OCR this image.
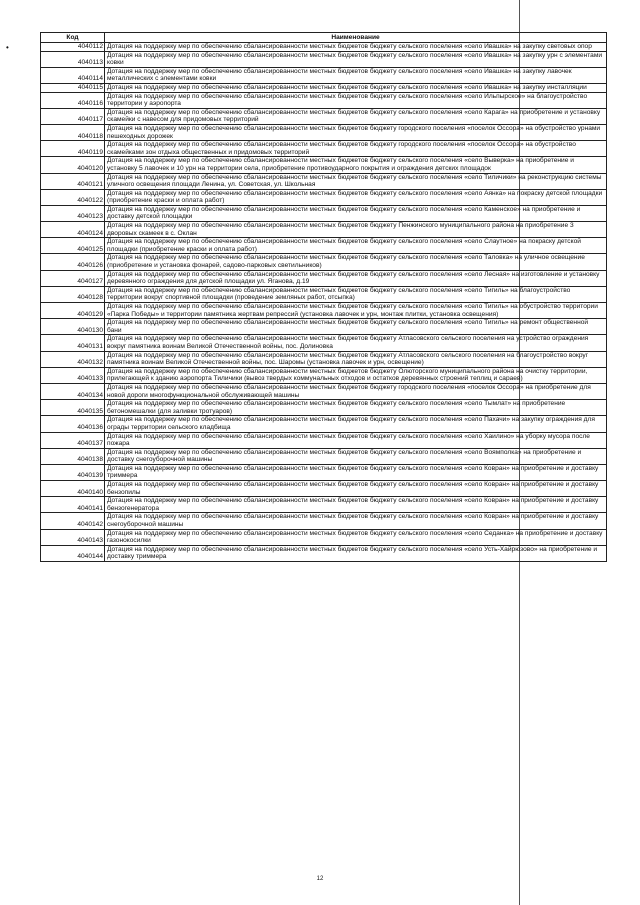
•
Код	Наименование
4040112	Дотация на поддержку мер по обеспечению сбалансированности местных бюджетов бюджету сельского поселения «село Ивашка» на закупку световых опор
4040113	Дотация на поддержку мер по обеспечению сбалансированности местных бюджетов бюджету сельского поселения «село Ивашка» на закупку урн с элементами ковки
4040114	Дотация на поддержку мер по обеспечению сбалансированности местных бюджетов бюджету сельского поселения «село Ивашка» на закупку лавочек металлических с элементами ковки
4040115	Дотация на поддержку мер по обеспечению сбалансированности местных бюджетов бюджету сельского поселения «село Ивашка» на закупку инсталляции
4040116	Дотация на поддержку мер по обеспечению сбалансированности местных бюджетов бюджету сельского поселения «село Ильпырское» на благоустройство территории у аэропорта
4040117	Дотация на поддержку мер по обеспечению сбалансированности местных бюджетов бюджету сельского поселения «село Карага» на приобретение и установку скамейки с навесом для придомовых территорий
4040118	Дотация на поддержку мер по обеспечению сбалансированности местных бюджетов бюджету городского поселения «поселок Оссора» на обустройство урнами пешеходных дорожек
4040119	Дотация на поддержку мер по обеспечению сбалансированности местных бюджетов бюджету городского поселения «поселок Оссора» на обустройство скамейками зон отдыха общественных и придомовых территорий
4040120	Дотация на поддержку мер по обеспечению сбалансированности местных бюджетов бюджету сельского поселения «село Выверка» на приобретение и установку 5 лавочек и 10 урн на территории села, приобретение противоударного покрытия и ограждения детских площадок
4040121	Дотация на поддержку мер по обеспечению сбалансированности местных бюджетов бюджету сельского поселения «село Тиличики» на реконструкцию системы уличного освещения площади Ленина, ул. Советская, ул. Школьная
4040122	Дотация на поддержку мер по обеспечению сбалансированности местных бюджетов бюджету сельского поселения «село Аянка» на покраску детской площадки (приобретение краски и оплата работ)
4040123	Дотация на поддержку мер по обеспечению сбалансированности местных бюджетов бюджету сельского поселения «село Каменское» на приобретение и доставку детской площадки
4040124	Дотация на поддержку мер по обеспечению сбалансированности местных бюджетов бюджету Пенжинского муниципального района на приобретение 3 дворовых скамеек в с. Оклан
4040125	Дотация на поддержку мер по обеспечению сбалансированности местных бюджетов бюджету сельского поселения «село Слаутное» на покраску детской площадки (приобретение краски и оплата работ)
4040126	Дотация на поддержку мер по обеспечению сбалансированности местных бюджетов бюджету сельского поселения «село Таловка» на уличное освещение (приобретение и установка фонарей, садово-парковых светильников)
4040127	Дотация на поддержку мер по обеспечению сбалансированности местных бюджетов бюджету сельского поселения «село Лесная» на изготовление и установку деревянного ограждения для детской площадки ул. Яганова, д.19
4040128	Дотация на поддержку мер по обеспечению сбалансированности местных бюджетов бюджету сельского поселения «село Тигиль» на благоустройство территории вокруг спортивной площадки (проведение земляных работ, отсыпка)
4040129	Дотация на поддержку мер по обеспечению сбалансированности местных бюджетов бюджету сельского поселения «село Тигиль» на обустройство территории «Парка Победы» и территории памятника жертвам репрессий (установка лавочек и урн, монтаж плитки, установка освещения)
4040130	Дотация на поддержку мер по обеспечению сбалансированности местных бюджетов бюджету сельского поселения «село Тигиль» на ремонт общественной бани
4040131	Дотация на поддержку мер по обеспечению сбалансированности местных бюджетов бюджету Атласовского сельского поселения на устройство ограждения вокруг памятника воинам Великой Отечественной войны, пос. Долиновка
4040132	Дотация на поддержку мер по обеспечению сбалансированности местных бюджетов бюджету Атласовского сельского поселения на благоустройство вокруг памятника воинам Великой Отечественной войны, пос. Шаромы (установка лавочек и урн, освещение)
4040133	Дотация на поддержку мер по обеспечению сбалансированности местных бюджетов бюджету Олюторского муниципального района на очистку территории, прилегающей к зданию аэропорта Тиличики (вывоз твердых коммунальных отходов и остатков деревянных строений теплиц и сараев)
4040134	Дотация на поддержку мер по обеспечению сбалансированности местных бюджетов бюджету городского поселения «поселок Оссора» на приобретение для новой дороги многофункциональной обслуживающей машины
4040135	Дотация на поддержку мер по обеспечению сбалансированности местных бюджетов бюджету сельского поселения «село Тымлат» на приобретение бетономешалки (для заливки тротуаров)
4040136	Дотация на поддержку мер по обеспечению сбалансированности местных бюджетов бюджету сельского поселения «село Пахачи» на закупку ограждения для ограды территории сельского кладбища
4040137	Дотация на поддержку мер по обеспечению сбалансированности местных бюджетов бюджету сельского поселения «село Хаилино» на уборку мусора после пожара
4040138	Дотация на поддержку мер по обеспечению сбалансированности местных бюджетов бюджету сельского поселения «село Воямполка» на приобретение и доставку снегоуборочной машины
4040139	Дотация на поддержку мер по обеспечению сбалансированности местных бюджетов бюджету сельского поселения «село Ковран» на приобретение и доставку триммера
4040140	Дотация на поддержку мер по обеспечению сбалансированности местных бюджетов бюджету сельского поселения «село Ковран» на приобретение и доставку бензопилы
4040141	Дотация на поддержку мер по обеспечению сбалансированности местных бюджетов бюджету сельского поселения «село Ковран» на приобретение и доставку бензогенератора
4040142	Дотация на поддержку мер по обеспечению сбалансированности местных бюджетов бюджету сельского поселения «село Ковран» на приобретение и доставку снегоуборочной машины
4040143	Дотация на поддержку мер по обеспечению сбалансированности местных бюджетов бюджету сельского поселения «село Седанка» на приобретение и доставку газонокосилки
4040144	Дотация на поддержку мер по обеспечению сбалансированности местных бюджетов бюджету сельского поселения «село Усть-Хайрюзово» на приобретение и доставку триммера
12
